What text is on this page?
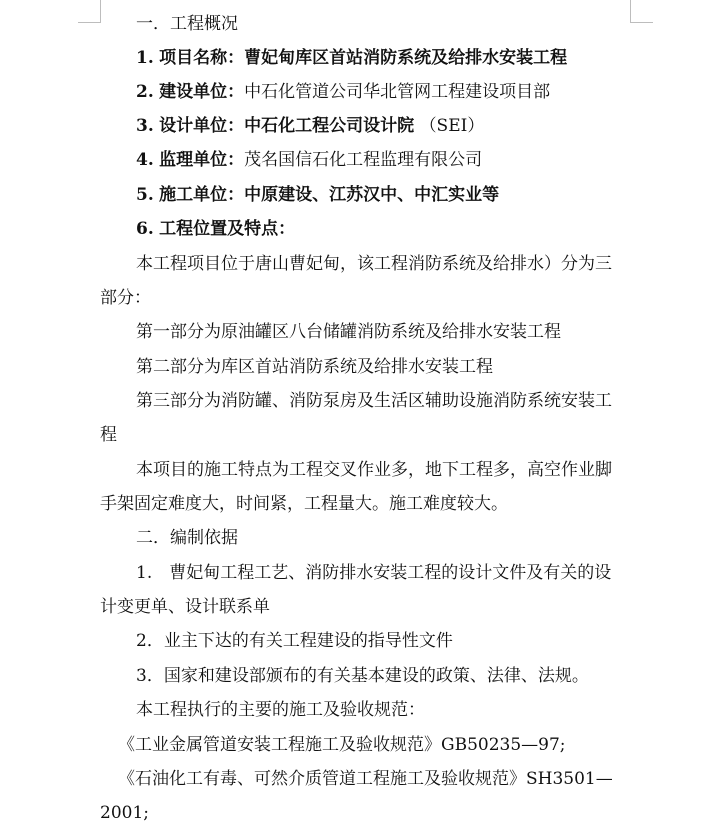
一．工程概况
1. 项目名称：曹妃甸库区首站消防系统及给排水安装工程
2. 建设单位：中石化管道公司华北管网工程建设项目部
3. 设计单位：中石化工程公司设计院 （SEI）
4. 监理单位：茂名国信石化工程监理有限公司
5. 施工单位：中原建设、江苏汉中、中汇实业等
6. 工程位置及特点：
本工程项目位于唐山曹妃甸，该工程消防系统及给排水）分为三
部分：
第一部分为原油罐区八台储罐消防系统及给排水安装工程
第二部分为库区首站消防系统及给排水安装工程
第三部分为消防罐、消防泵房及生活区辅助设施消防系统安装工
程
本项目的施工特点为工程交叉作业多，地下工程多，高空作业脚
手架固定难度大，时间紧，工程量大。施工难度较大。
二．编制依据
1.　曹妃甸工程工艺、消防排水安装工程的设计文件及有关的设
计变更单、设计联系单
2．业主下达的有关工程建设的指导性文件
3．国家和建设部颁布的有关基本建设的政策、法律、法规。
本工程执行的主要的施工及验收规范：
《工业金属管道安装工程施工及验收规范》GB50235—97;
《石油化工有毒、可然介质管道工程施工及验收规范》SH3501—
2001;
